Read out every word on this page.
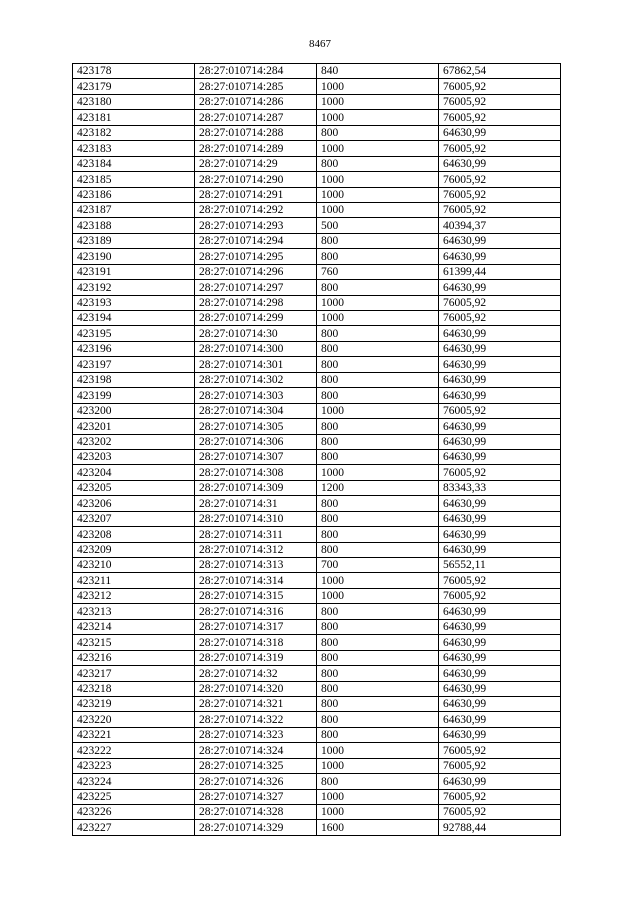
8467
423178	28:27:010714:284	840	67862,54
423179	28:27:010714:285	1000	76005,92
423180	28:27:010714:286	1000	76005,92
423181	28:27:010714:287	1000	76005,92
423182	28:27:010714:288	800	64630,99
423183	28:27:010714:289	1000	76005,92
423184	28:27:010714:29	800	64630,99
423185	28:27:010714:290	1000	76005,92
423186	28:27:010714:291	1000	76005,92
423187	28:27:010714:292	1000	76005,92
423188	28:27:010714:293	500	40394,37
423189	28:27:010714:294	800	64630,99
423190	28:27:010714:295	800	64630,99
423191	28:27:010714:296	760	61399,44
423192	28:27:010714:297	800	64630,99
423193	28:27:010714:298	1000	76005,92
423194	28:27:010714:299	1000	76005,92
423195	28:27:010714:30	800	64630,99
423196	28:27:010714:300	800	64630,99
423197	28:27:010714:301	800	64630,99
423198	28:27:010714:302	800	64630,99
423199	28:27:010714:303	800	64630,99
423200	28:27:010714:304	1000	76005,92
423201	28:27:010714:305	800	64630,99
423202	28:27:010714:306	800	64630,99
423203	28:27:010714:307	800	64630,99
423204	28:27:010714:308	1000	76005,92
423205	28:27:010714:309	1200	83343,33
423206	28:27:010714:31	800	64630,99
423207	28:27:010714:310	800	64630,99
423208	28:27:010714:311	800	64630,99
423209	28:27:010714:312	800	64630,99
423210	28:27:010714:313	700	56552,11
423211	28:27:010714:314	1000	76005,92
423212	28:27:010714:315	1000	76005,92
423213	28:27:010714:316	800	64630,99
423214	28:27:010714:317	800	64630,99
423215	28:27:010714:318	800	64630,99
423216	28:27:010714:319	800	64630,99
423217	28:27:010714:32	800	64630,99
423218	28:27:010714:320	800	64630,99
423219	28:27:010714:321	800	64630,99
423220	28:27:010714:322	800	64630,99
423221	28:27:010714:323	800	64630,99
423222	28:27:010714:324	1000	76005,92
423223	28:27:010714:325	1000	76005,92
423224	28:27:010714:326	800	64630,99
423225	28:27:010714:327	1000	76005,92
423226	28:27:010714:328	1000	76005,92
423227	28:27:010714:329	1600	92788,44
